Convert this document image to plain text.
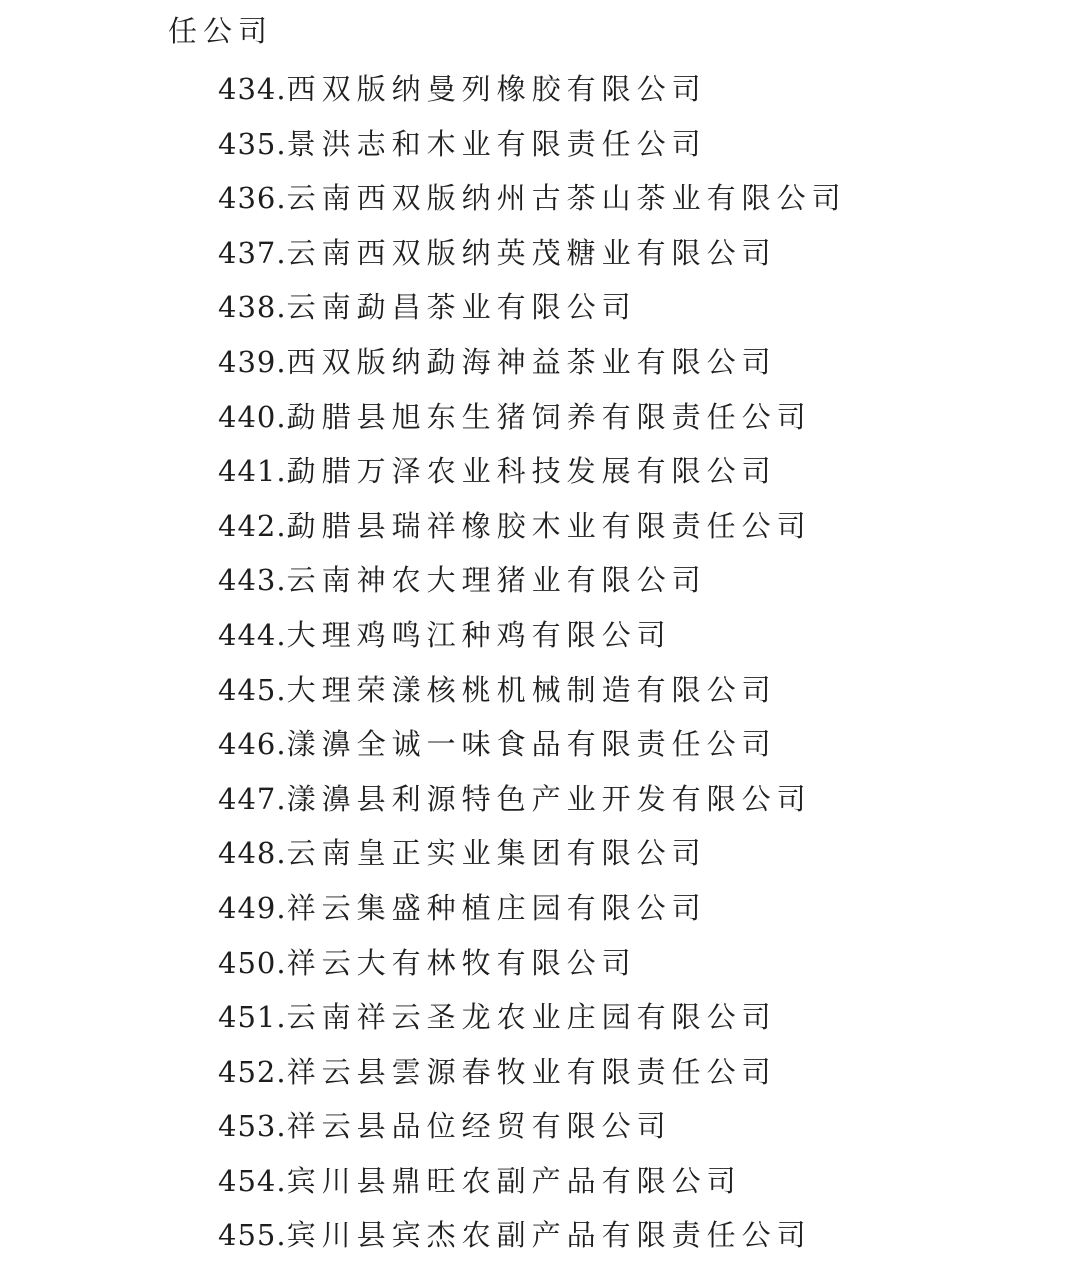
任公司

434.西双版纳曼列橡胶有限公司
435.景洪志和木业有限责任公司
436.云南西双版纳州古茶山茶业有限公司
437.云南西双版纳英茂糖业有限公司
438.云南勐昌茶业有限公司
439.西双版纳勐海神益茶业有限公司
440.勐腊县旭东生猪饲养有限责任公司
441.勐腊万泽农业科技发展有限公司
442.勐腊县瑞祥橡胶木业有限责任公司
443.云南神农大理猪业有限公司
444.大理鸡鸣江种鸡有限公司
445.大理荣漾核桃机械制造有限公司
446.漾濞全诚一味食品有限责任公司
447.漾濞县利源特色产业开发有限公司
448.云南皇正实业集团有限公司
449.祥云集盛种植庄园有限公司
450.祥云大有林牧有限公司
451.云南祥云圣龙农业庄园有限公司
452.祥云县雲源春牧业有限责任公司
453.祥云县品位经贸有限公司
454.宾川县鼎旺农副产品有限公司
455.宾川县宾杰农副产品有限责任公司
